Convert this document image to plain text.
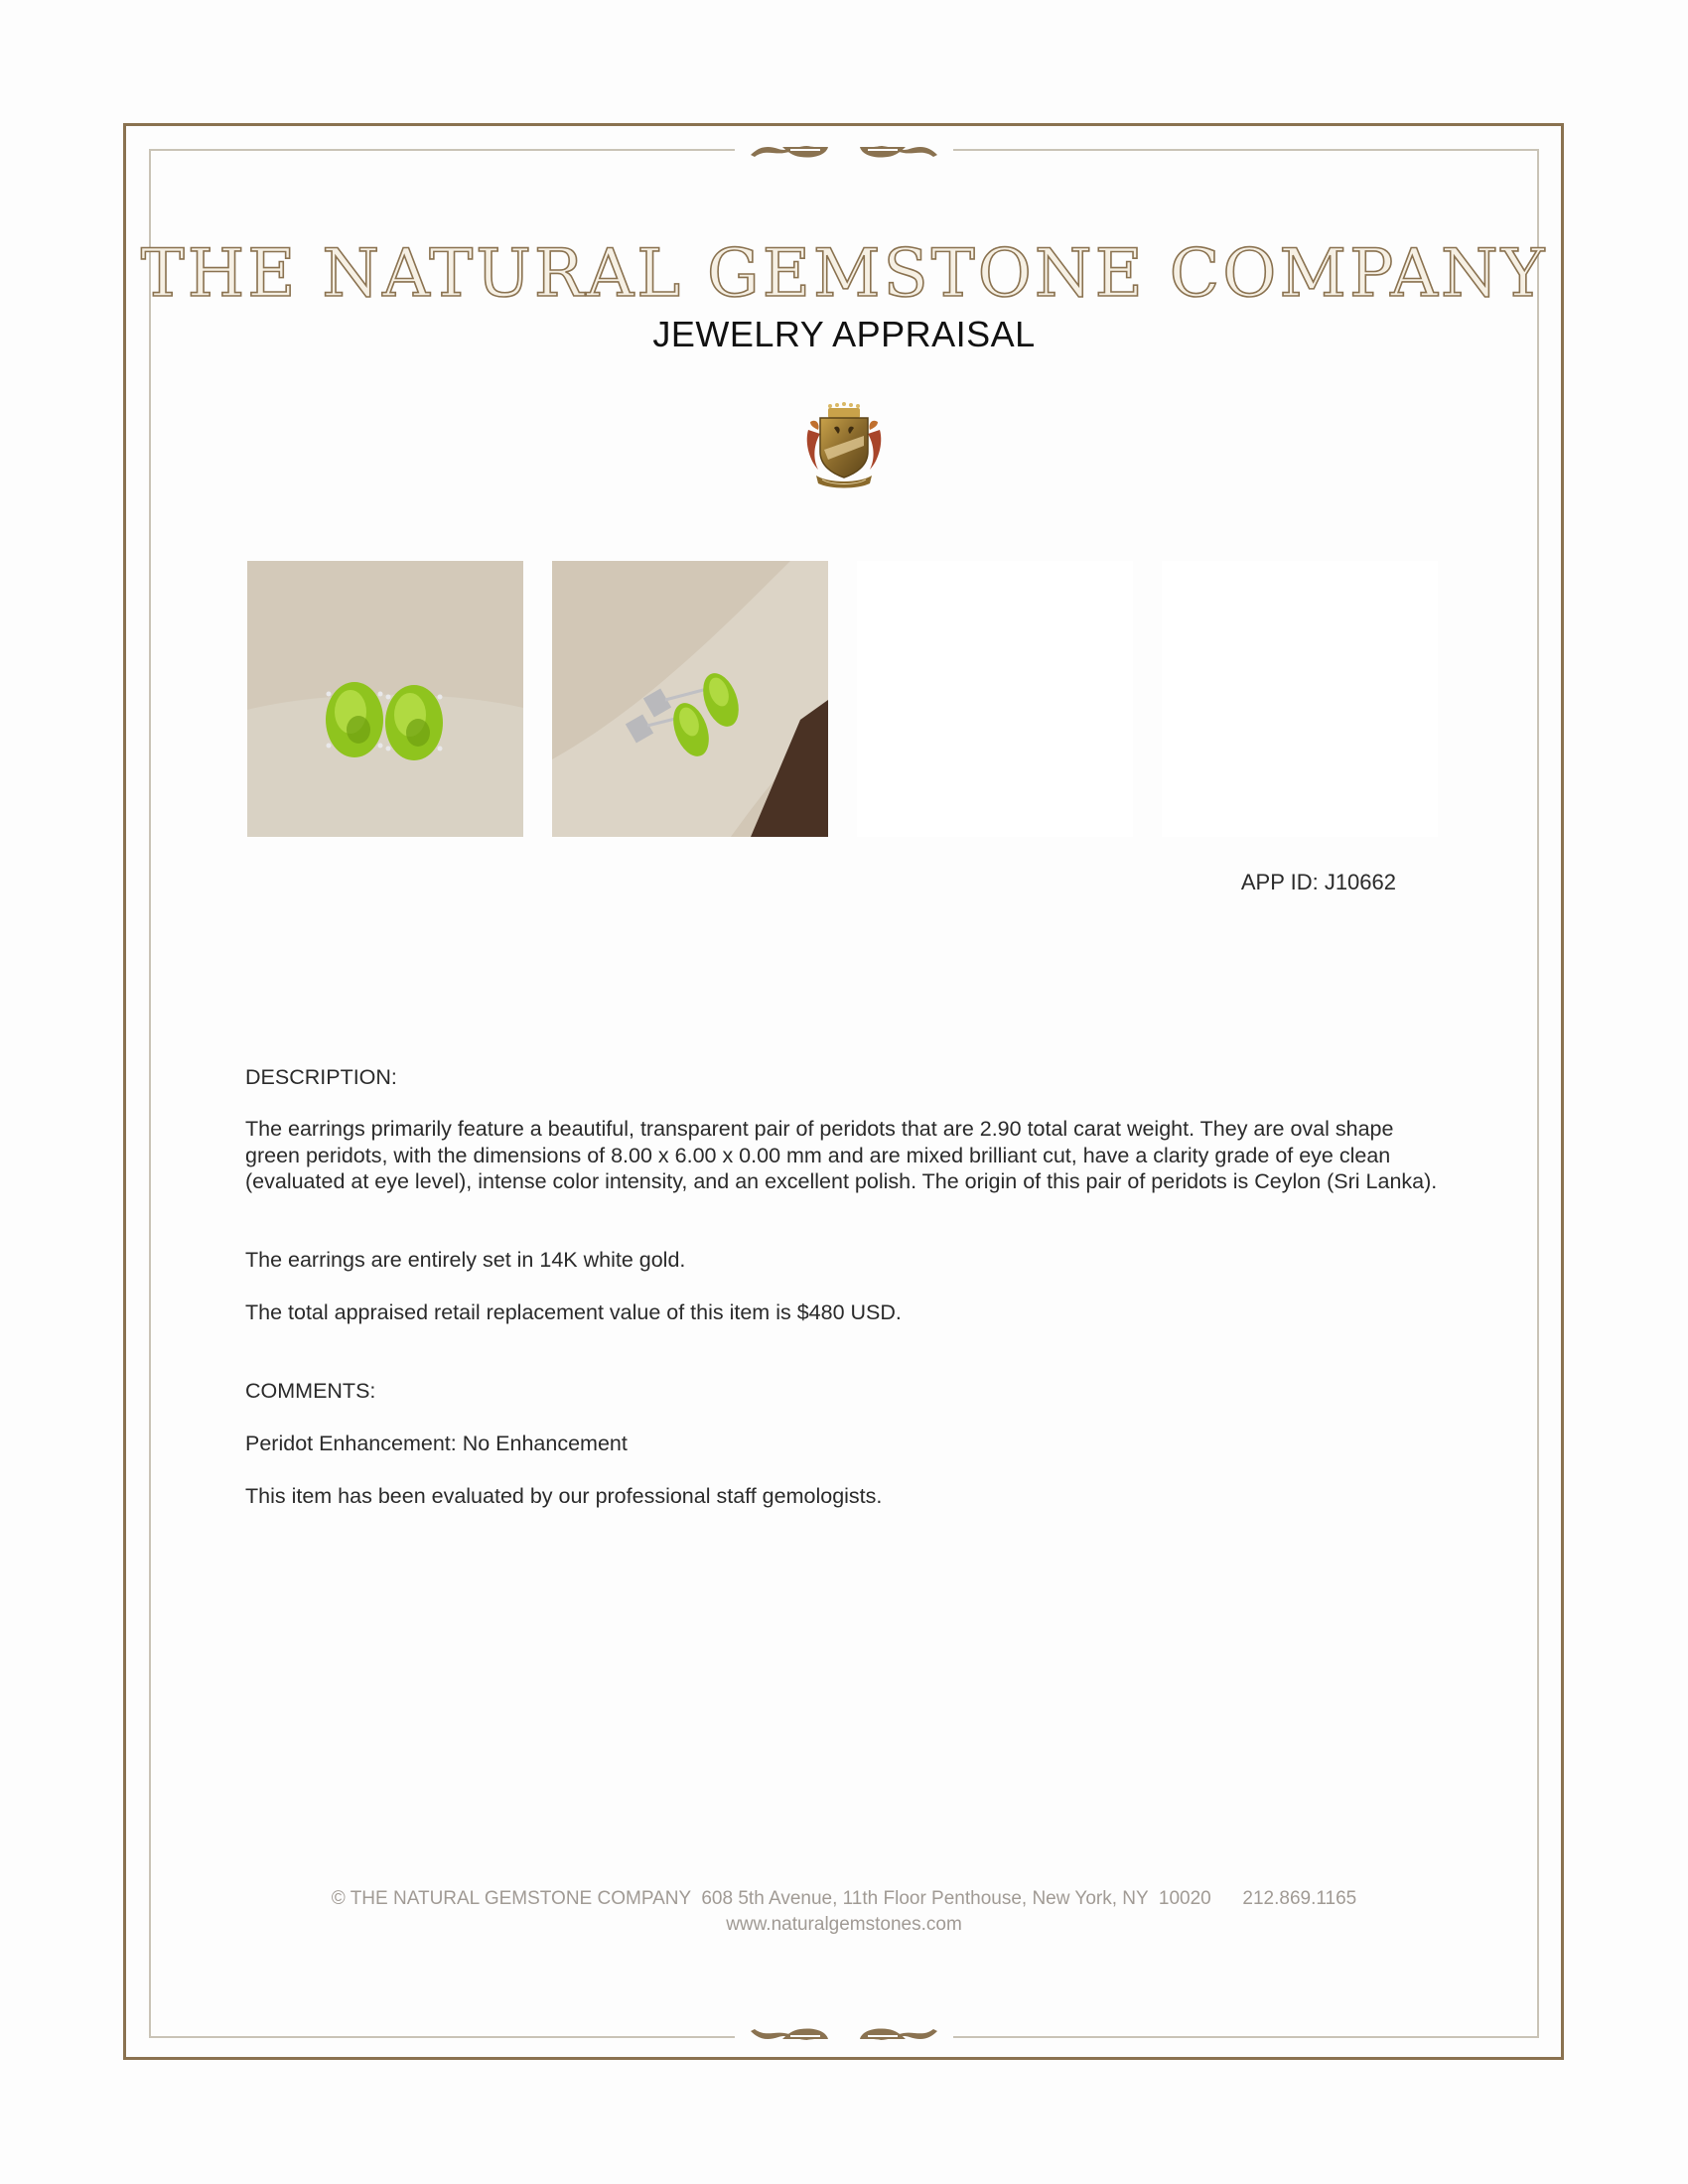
THE NATURAL GEMSTONE COMPANY
JEWELRY APPRAISAL
APP ID: J10662
DESCRIPTION:
The earrings primarily feature a beautiful, transparent pair of peridots that are 2.90 total carat weight. They are oval shape green peridots, with the dimensions of 8.00 x 6.00 x 0.00 mm and are mixed brilliant cut, have a clarity grade of eye clean (evaluated at eye level), intense color intensity, and an excellent polish. The origin of this pair of peridots is Ceylon (Sri Lanka).
The earrings are entirely set in 14K white gold.
The total appraised retail replacement value of this item is $480 USD.
COMMENTS:
Peridot Enhancement: No Enhancement
This item has been evaluated by our professional staff gemologists.
© THE NATURAL GEMSTONE COMPANY  608 5th Avenue, 11th Floor Penthouse, New York, NY  10020      212.869.1165
www.naturalgemstones.com
